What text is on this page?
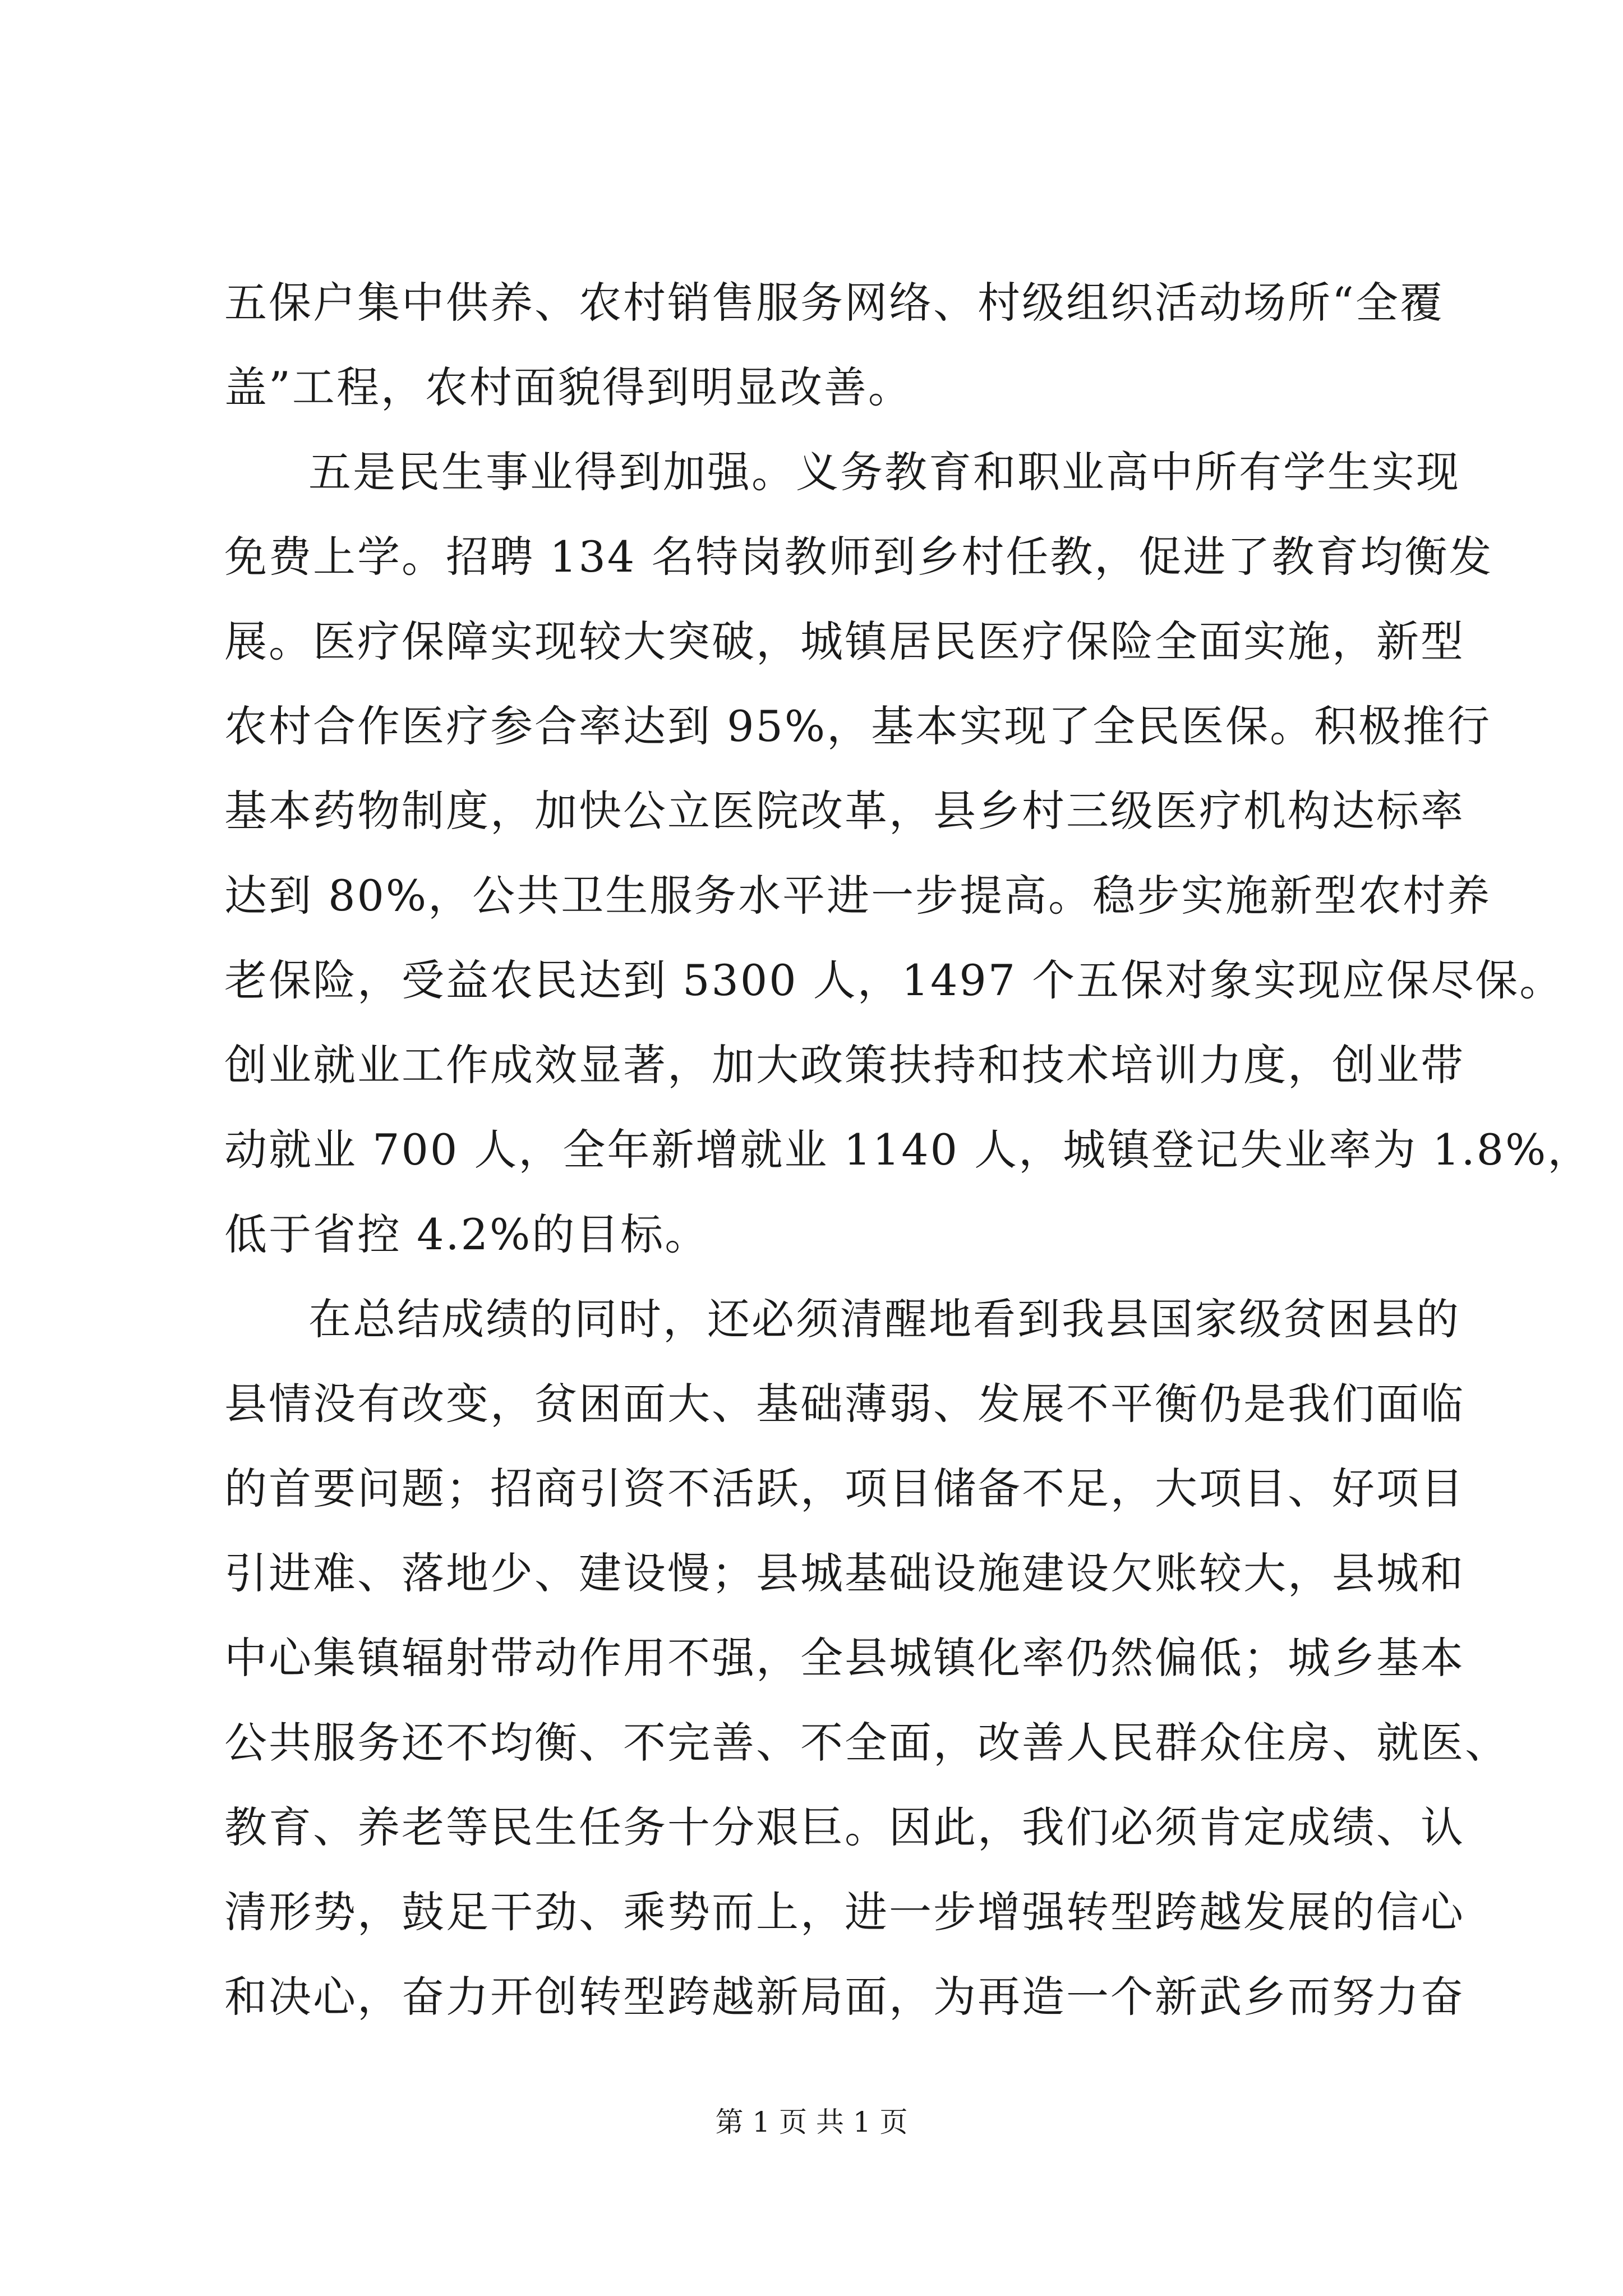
五保户集中供养、农村销售服务网络、村级组织活动场所“全覆
盖”工程，农村面貌得到明显改善。
五是民生事业得到加强。义务教育和职业高中所有学生实现
免费上学。招聘 134 名特岗教师到乡村任教，促进了教育均衡发
展。医疗保障实现较大突破，城镇居民医疗保险全面实施，新型
农村合作医疗参合率达到 95%，基本实现了全民医保。积极推行
基本药物制度，加快公立医院改革，县乡村三级医疗机构达标率
达到 80%，公共卫生服务水平进一步提高。稳步实施新型农村养
老保险，受益农民达到 5300 人，1497 个五保对象实现应保尽保。
创业就业工作成效显著，加大政策扶持和技术培训力度，创业带
动就业 700 人，全年新增就业 1140 人，城镇登记失业率为 1.8%，
低于省控 4.2%的目标。
在总结成绩的同时，还必须清醒地看到我县国家级贫困县的
县情没有改变，贫困面大、基础薄弱、发展不平衡仍是我们面临
的首要问题；招商引资不活跃，项目储备不足，大项目、好项目
引进难、落地少、建设慢；县城基础设施建设欠账较大，县城和
中心集镇辐射带动作用不强，全县城镇化率仍然偏低；城乡基本
公共服务还不均衡、不完善、不全面，改善人民群众住房、就医、
教育、养老等民生任务十分艰巨。因此，我们必须肯定成绩、认
清形势，鼓足干劲、乘势而上，进一步增强转型跨越发展的信心
和决心，奋力开创转型跨越新局面，为再造一个新武乡而努力奋
第 1 页 共 1 页
